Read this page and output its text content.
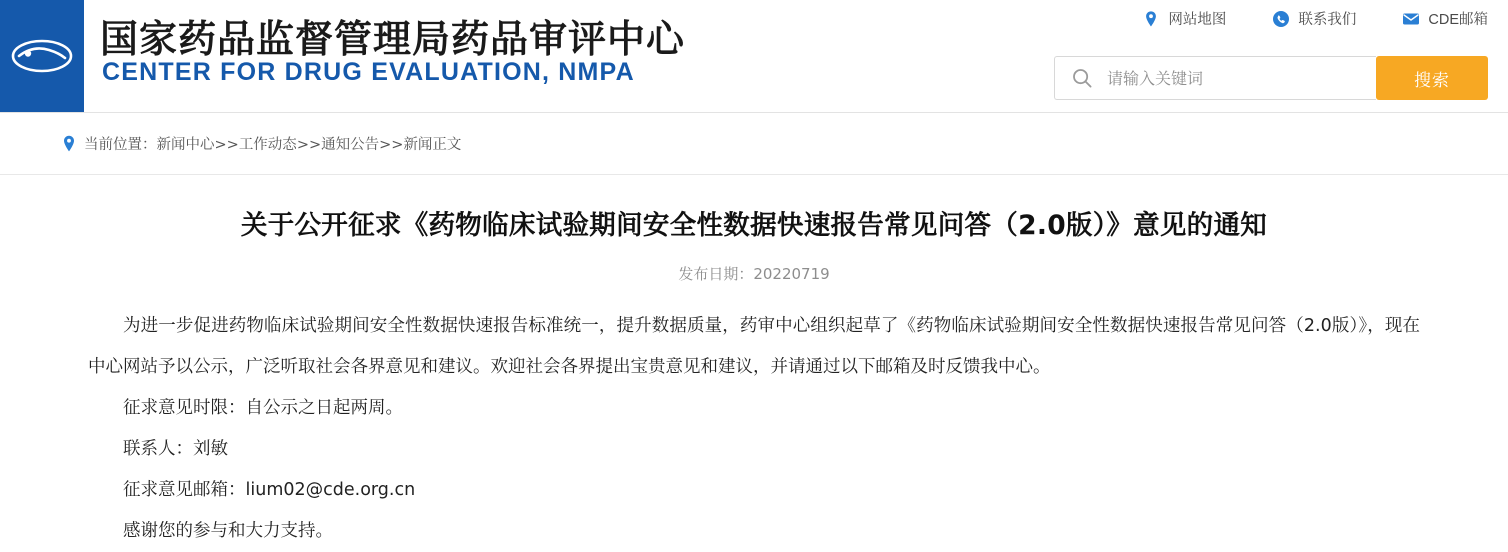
国家药品监督管理局药品审评中心
CENTER FOR DRUG EVALUATION, NMPA
网站地图	联系我们	CDE邮箱
请输入关键词
搜索
当前位置：新闻中心>>工作动态>>通知公告>>新闻正文
关于公开征求《药物临床试验期间安全性数据快速报告常见问答（2.0版）》意见的通知
发布日期：20220719

为进一步促进药物临床试验期间安全性数据快速报告标准统一，提升数据质量，药审中心组织起草了《药物临床试验期间安全性数据快速报告常见问答（2.0版）》，现在中心网站予以公示，广泛听取社会各界意见和建议。欢迎社会各界提出宝贵意见和建议，并请通过以下邮箱及时反馈我中心。

征求意见时限：自公示之日起两周。

联系人：刘敏

征求意见邮箱：lium02@cde.org.cn

感谢您的参与和大力支持。
